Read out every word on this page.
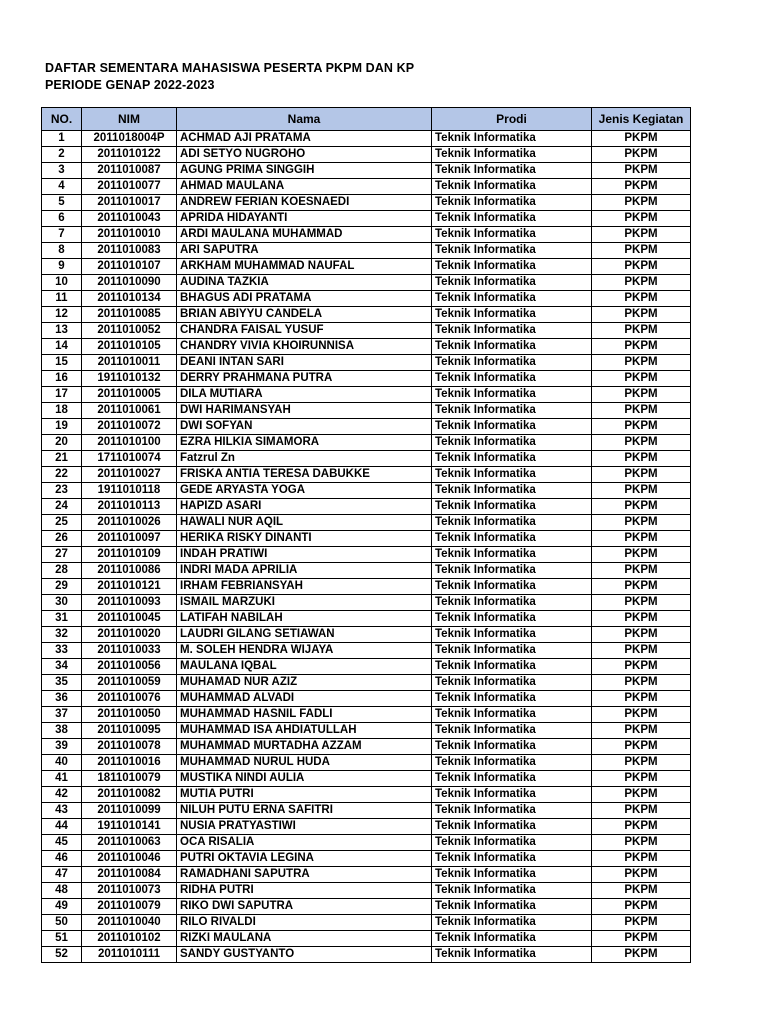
DAFTAR SEMENTARA MAHASISWA PESERTA PKPM DAN KP
PERIODE GENAP 2022-2023
NO.	NIM	Nama	Prodi	Jenis Kegiatan
1	2011018004P	ACHMAD AJI PRATAMA	Teknik Informatika	PKPM
2	2011010122	ADI SETYO NUGROHO	Teknik Informatika	PKPM
3	2011010087	AGUNG PRIMA SINGGIH	Teknik Informatika	PKPM
4	2011010077	AHMAD MAULANA	Teknik Informatika	PKPM
5	2011010017	ANDREW FERIAN KOESNAEDI	Teknik Informatika	PKPM
6	2011010043	APRIDA HIDAYANTI	Teknik Informatika	PKPM
7	2011010010	ARDI MAULANA MUHAMMAD	Teknik Informatika	PKPM
8	2011010083	ARI SAPUTRA	Teknik Informatika	PKPM
9	2011010107	ARKHAM MUHAMMAD NAUFAL	Teknik Informatika	PKPM
10	2011010090	AUDINA TAZKIA	Teknik Informatika	PKPM
11	2011010134	BHAGUS ADI PRATAMA	Teknik Informatika	PKPM
12	2011010085	BRIAN ABIYYU CANDELA	Teknik Informatika	PKPM
13	2011010052	CHANDRA FAISAL YUSUF	Teknik Informatika	PKPM
14	2011010105	CHANDRY VIVIA KHOIRUNNISA	Teknik Informatika	PKPM
15	2011010011	DEANI INTAN SARI	Teknik Informatika	PKPM
16	1911010132	DERRY PRAHMANA PUTRA	Teknik Informatika	PKPM
17	2011010005	DILA MUTIARA	Teknik Informatika	PKPM
18	2011010061	DWI HARIMANSYAH	Teknik Informatika	PKPM
19	2011010072	DWI SOFYAN	Teknik Informatika	PKPM
20	2011010100	EZRA HILKIA SIMAMORA	Teknik Informatika	PKPM
21	1711010074	Fatzrul Zn	Teknik Informatika	PKPM
22	2011010027	FRISKA ANTIA TERESA DABUKKE	Teknik Informatika	PKPM
23	1911010118	GEDE ARYASTA YOGA	Teknik Informatika	PKPM
24	2011010113	HAPIZD ASARI	Teknik Informatika	PKPM
25	2011010026	HAWALI NUR AQIL	Teknik Informatika	PKPM
26	2011010097	HERIKA RISKY DINANTI	Teknik Informatika	PKPM
27	2011010109	INDAH PRATIWI	Teknik Informatika	PKPM
28	2011010086	INDRI MADA APRILIA	Teknik Informatika	PKPM
29	2011010121	IRHAM FEBRIANSYAH	Teknik Informatika	PKPM
30	2011010093	ISMAIL MARZUKI	Teknik Informatika	PKPM
31	2011010045	LATIFAH NABILAH	Teknik Informatika	PKPM
32	2011010020	LAUDRI GILANG SETIAWAN	Teknik Informatika	PKPM
33	2011010033	M. SOLEH HENDRA WIJAYA	Teknik Informatika	PKPM
34	2011010056	MAULANA IQBAL	Teknik Informatika	PKPM
35	2011010059	MUHAMAD NUR AZIZ	Teknik Informatika	PKPM
36	2011010076	MUHAMMAD ALVADI	Teknik Informatika	PKPM
37	2011010050	MUHAMMAD HASNIL FADLI	Teknik Informatika	PKPM
38	2011010095	MUHAMMAD ISA AHDIATULLAH	Teknik Informatika	PKPM
39	2011010078	MUHAMMAD MURTADHA AZZAM	Teknik Informatika	PKPM
40	2011010016	MUHAMMAD NURUL HUDA	Teknik Informatika	PKPM
41	1811010079	MUSTIKA NINDI AULIA	Teknik Informatika	PKPM
42	2011010082	MUTIA PUTRI	Teknik Informatika	PKPM
43	2011010099	NILUH PUTU ERNA SAFITRI	Teknik Informatika	PKPM
44	1911010141	NUSIA PRATYASTIWI	Teknik Informatika	PKPM
45	2011010063	OCA RISALIA	Teknik Informatika	PKPM
46	2011010046	PUTRI OKTAVIA LEGINA	Teknik Informatika	PKPM
47	2011010084	RAMADHANI SAPUTRA	Teknik Informatika	PKPM
48	2011010073	RIDHA PUTRI	Teknik Informatika	PKPM
49	2011010079	RIKO DWI SAPUTRA	Teknik Informatika	PKPM
50	2011010040	RILO RIVALDI	Teknik Informatika	PKPM
51	2011010102	RIZKI MAULANA	Teknik Informatika	PKPM
52	2011010111	SANDY GUSTYANTO	Teknik Informatika	PKPM
